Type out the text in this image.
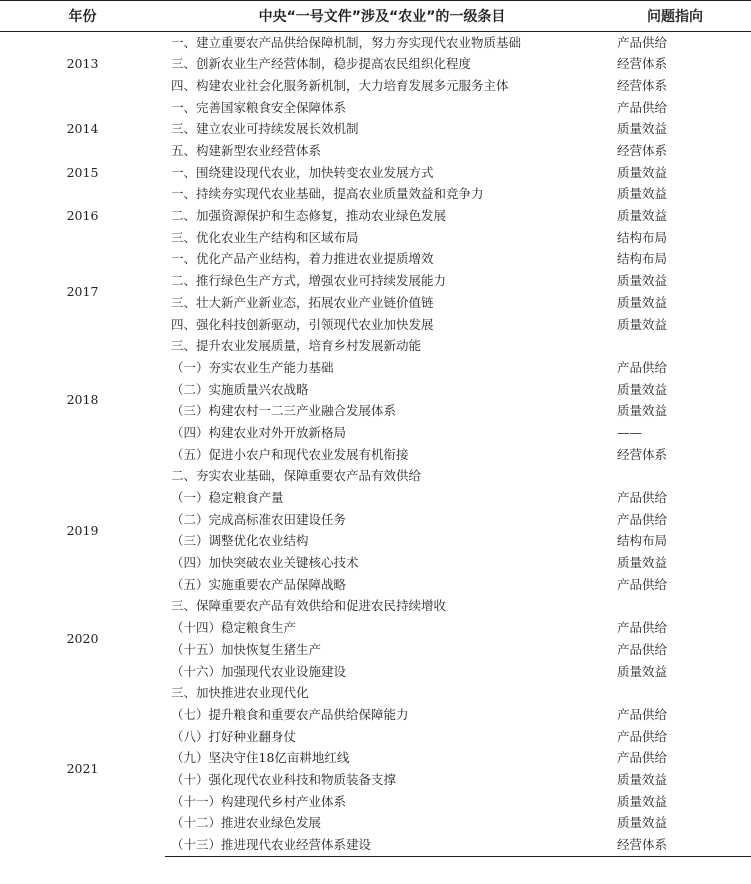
年份	中央“一号文件”涉及“农业”的一级条目	问题指向
2013	一、建立重要农产品供给保障机制，努力夯实现代农业物质基础	产品供给
	三、创新农业生产经营体制，稳步提高农民组织化程度	经营体系
	四、构建农业社会化服务新机制，大力培育发展多元服务主体	经营体系
2014	一、完善国家粮食安全保障体系	产品供给
	三、建立农业可持续发展长效机制	质量效益
	五、构建新型农业经营体系	经营体系
2015	一、围绕建设现代农业，加快转变农业发展方式	质量效益
2016	一、持续夯实现代农业基础，提高农业质量效益和竞争力	质量效益
	二、加强资源保护和生态修复，推动农业绿色发展	质量效益
	三、优化农业生产结构和区域布局	结构布局
2017	一、优化产品产业结构，着力推进农业提质增效	结构布局
	二、推行绿色生产方式，增强农业可持续发展能力	质量效益
	三、壮大新产业新业态，拓展农业产业链价值链	质量效益
	四、强化科技创新驱动，引领现代农业加快发展	质量效益
2018	三、提升农业发展质量，培育乡村发展新动能	
	（一）夯实农业生产能力基础	产品供给
	（二）实施质量兴农战略	质量效益
	（三）构建农村一二三产业融合发展体系	质量效益
	（四）构建农业对外开放新格局	——
	（五）促进小农户和现代农业发展有机衔接	经营体系
2019	二、夯实农业基础，保障重要农产品有效供给	
	（一）稳定粮食产量	产品供给
	（二）完成高标准农田建设任务	产品供给
	（三）调整优化农业结构	结构布局
	（四）加快突破农业关键核心技术	质量效益
	（五）实施重要农产品保障战略	产品供给
2020	三、保障重要农产品有效供给和促进农民持续增收	
	（十四）稳定粮食生产	产品供给
	（十五）加快恢复生猪生产	产品供给
	（十六）加强现代农业设施建设	质量效益
2021	三、加快推进农业现代化	
	（七）提升粮食和重要农产品供给保障能力	产品供给
	（八）打好种业翻身仗	产品供给
	（九）坚决守住18亿亩耕地红线	产品供给
	（十）强化现代农业科技和物质装备支撑	质量效益
	（十一）构建现代乡村产业体系	质量效益
	（十二）推进农业绿色发展	质量效益
	（十三）推进现代农业经营体系建设	经营体系
